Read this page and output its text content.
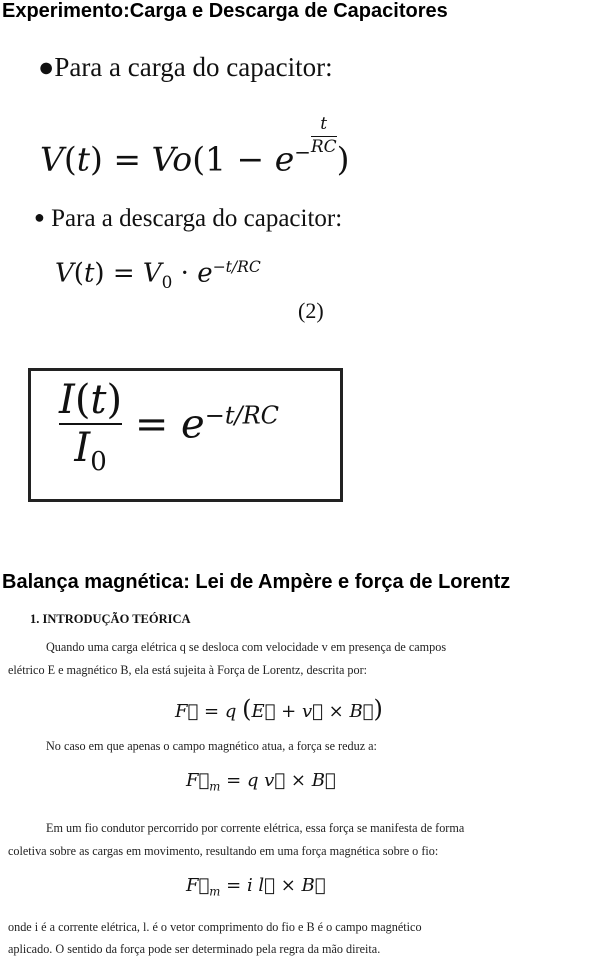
Experimento:Carga e Descarga de Capacitores
●Para a carga do capacitor:
$V(t) = Vo(1 - e^{- \frac{t}{RC}}$
)
● Para a descarga do capacitor:
$V(t) = V_0 \cdot e^{-t/RC}$
(2)
$\frac{I(t)}{I_0} = e^{-t/RC}$
Balança magnética: Lei de Ampère e força de Lorentz
1. INTRODUÇÃO TEÓRICA
Quando uma carga elétrica q se desloca com velocidade v em presença de campos
elétrico E e magnético B, ela está sujeita à Força de Lorentz, descrita por:
F⃗ = q (E⃗ + v⃗ × B⃗)
No caso em que apenas o campo magnético atua, a força se reduz a:
$F⃗_m = q$ v⃗ × B⃗
Em um fio condutor percorrido por corrente elétrica, essa força se manifesta de forma
coletiva sobre as cargas em movimento, resultando em uma força magnética sobre o fio:
$F⃗_m = i$ l⃗ × B⃗
onde i é a corrente elétrica, l. é o vetor comprimento do fio e B é o campo magnético
aplicado. O sentido da força pode ser determinado pela regra da mão direita.
